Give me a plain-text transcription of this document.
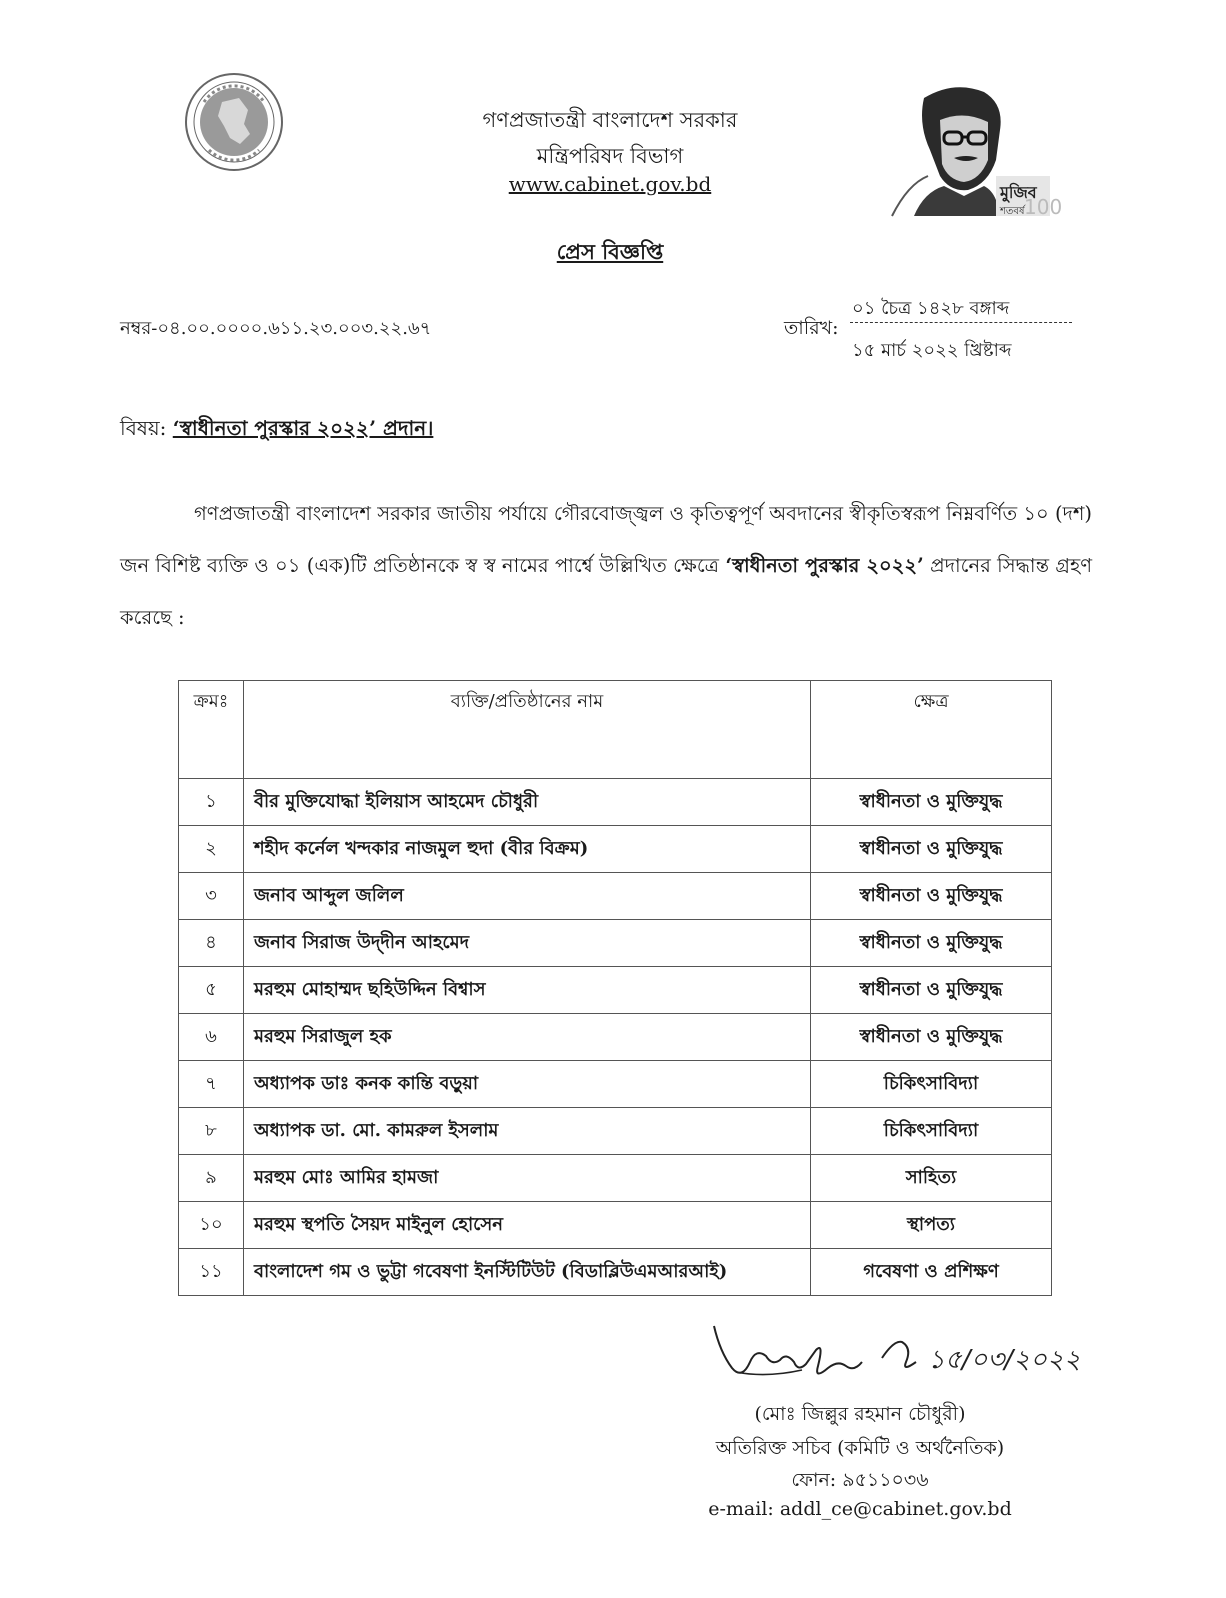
গণপ্রজাতন্ত্রী বাংলাদেশ সরকার
মন্ত্রিপরিষদ বিভাগ
www.cabinet.gov.bd	মুজিব
শতবর্ষ 100
প্রেস বিজ্ঞপ্তি
নম্বর-০৪.০০.০০০০.৬১১.২৩.০০৩.২২.৬৭	তারিখ:
০১ চৈত্র ১৪২৮ বঙ্গাব্দ
১৫ মার্চ ২০২২ খ্রিষ্টাব্দ
বিষয়: ‘স্বাধীনতা পুরস্কার ২০২২’ প্রদান।
গণপ্রজাতন্ত্রী বাংলাদেশ সরকার জাতীয় পর্যায়ে গৌরবোজ্জ্বল ও কৃতিত্বপূর্ণ অবদানের স্বীকৃতিস্বরূপ নিম্নবর্ণিত ১০ (দশ) জন বিশিষ্ট ব্যক্তি ও ০১ (এক)টি প্রতিষ্ঠানকে স্ব স্ব নামের পার্শ্বে উল্লিখিত ক্ষেত্রে ‘স্বাধীনতা পুরস্কার ২০২২’ প্রদানের সিদ্ধান্ত গ্রহণ করেছে :
ক্রমঃ	ব্যক্তি/প্রতিষ্ঠানের নাম	ক্ষেত্র
১	বীর মুক্তিযোদ্ধা ইলিয়াস আহমেদ চৌধুরী	স্বাধীনতা ও মুক্তিযুদ্ধ
২	শহীদ কর্নেল খন্দকার নাজমুল হুদা (বীর বিক্রম)	স্বাধীনতা ও মুক্তিযুদ্ধ
৩	জনাব আব্দুল জলিল	স্বাধীনতা ও মুক্তিযুদ্ধ
৪	জনাব সিরাজ উদ্‌দীন আহমেদ	স্বাধীনতা ও মুক্তিযুদ্ধ
৫	মরহুম মোহাম্মদ ছহিউদ্দিন বিশ্বাস	স্বাধীনতা ও মুক্তিযুদ্ধ
৬	মরহুম সিরাজুল হক	স্বাধীনতা ও মুক্তিযুদ্ধ
৭	অধ্যাপক ডাঃ কনক কান্তি বড়ুয়া	চিকিৎসাবিদ্যা
৮	অধ্যাপক ডা. মো. কামরুল ইসলাম	চিকিৎসাবিদ্যা
৯	মরহুম মোঃ আমির হামজা	সাহিত্য
১০	মরহুম স্থপতি সৈয়দ মাইনুল হোসেন	স্থাপত্য
১১	বাংলাদেশ গম ও ভুট্টা গবেষণা ইনস্টিটিউট (বিডাব্লিউএমআরআই)	গবেষণা ও প্রশিক্ষণ
১৫/০৩/২০২২
(মোঃ জিল্লুর রহমান চৌধুরী)
অতিরিক্ত সচিব (কমিটি ও অর্থনৈতিক)
ফোন: ৯৫১১০৩৬
e-mail: addl_ce@cabinet.gov.bd
